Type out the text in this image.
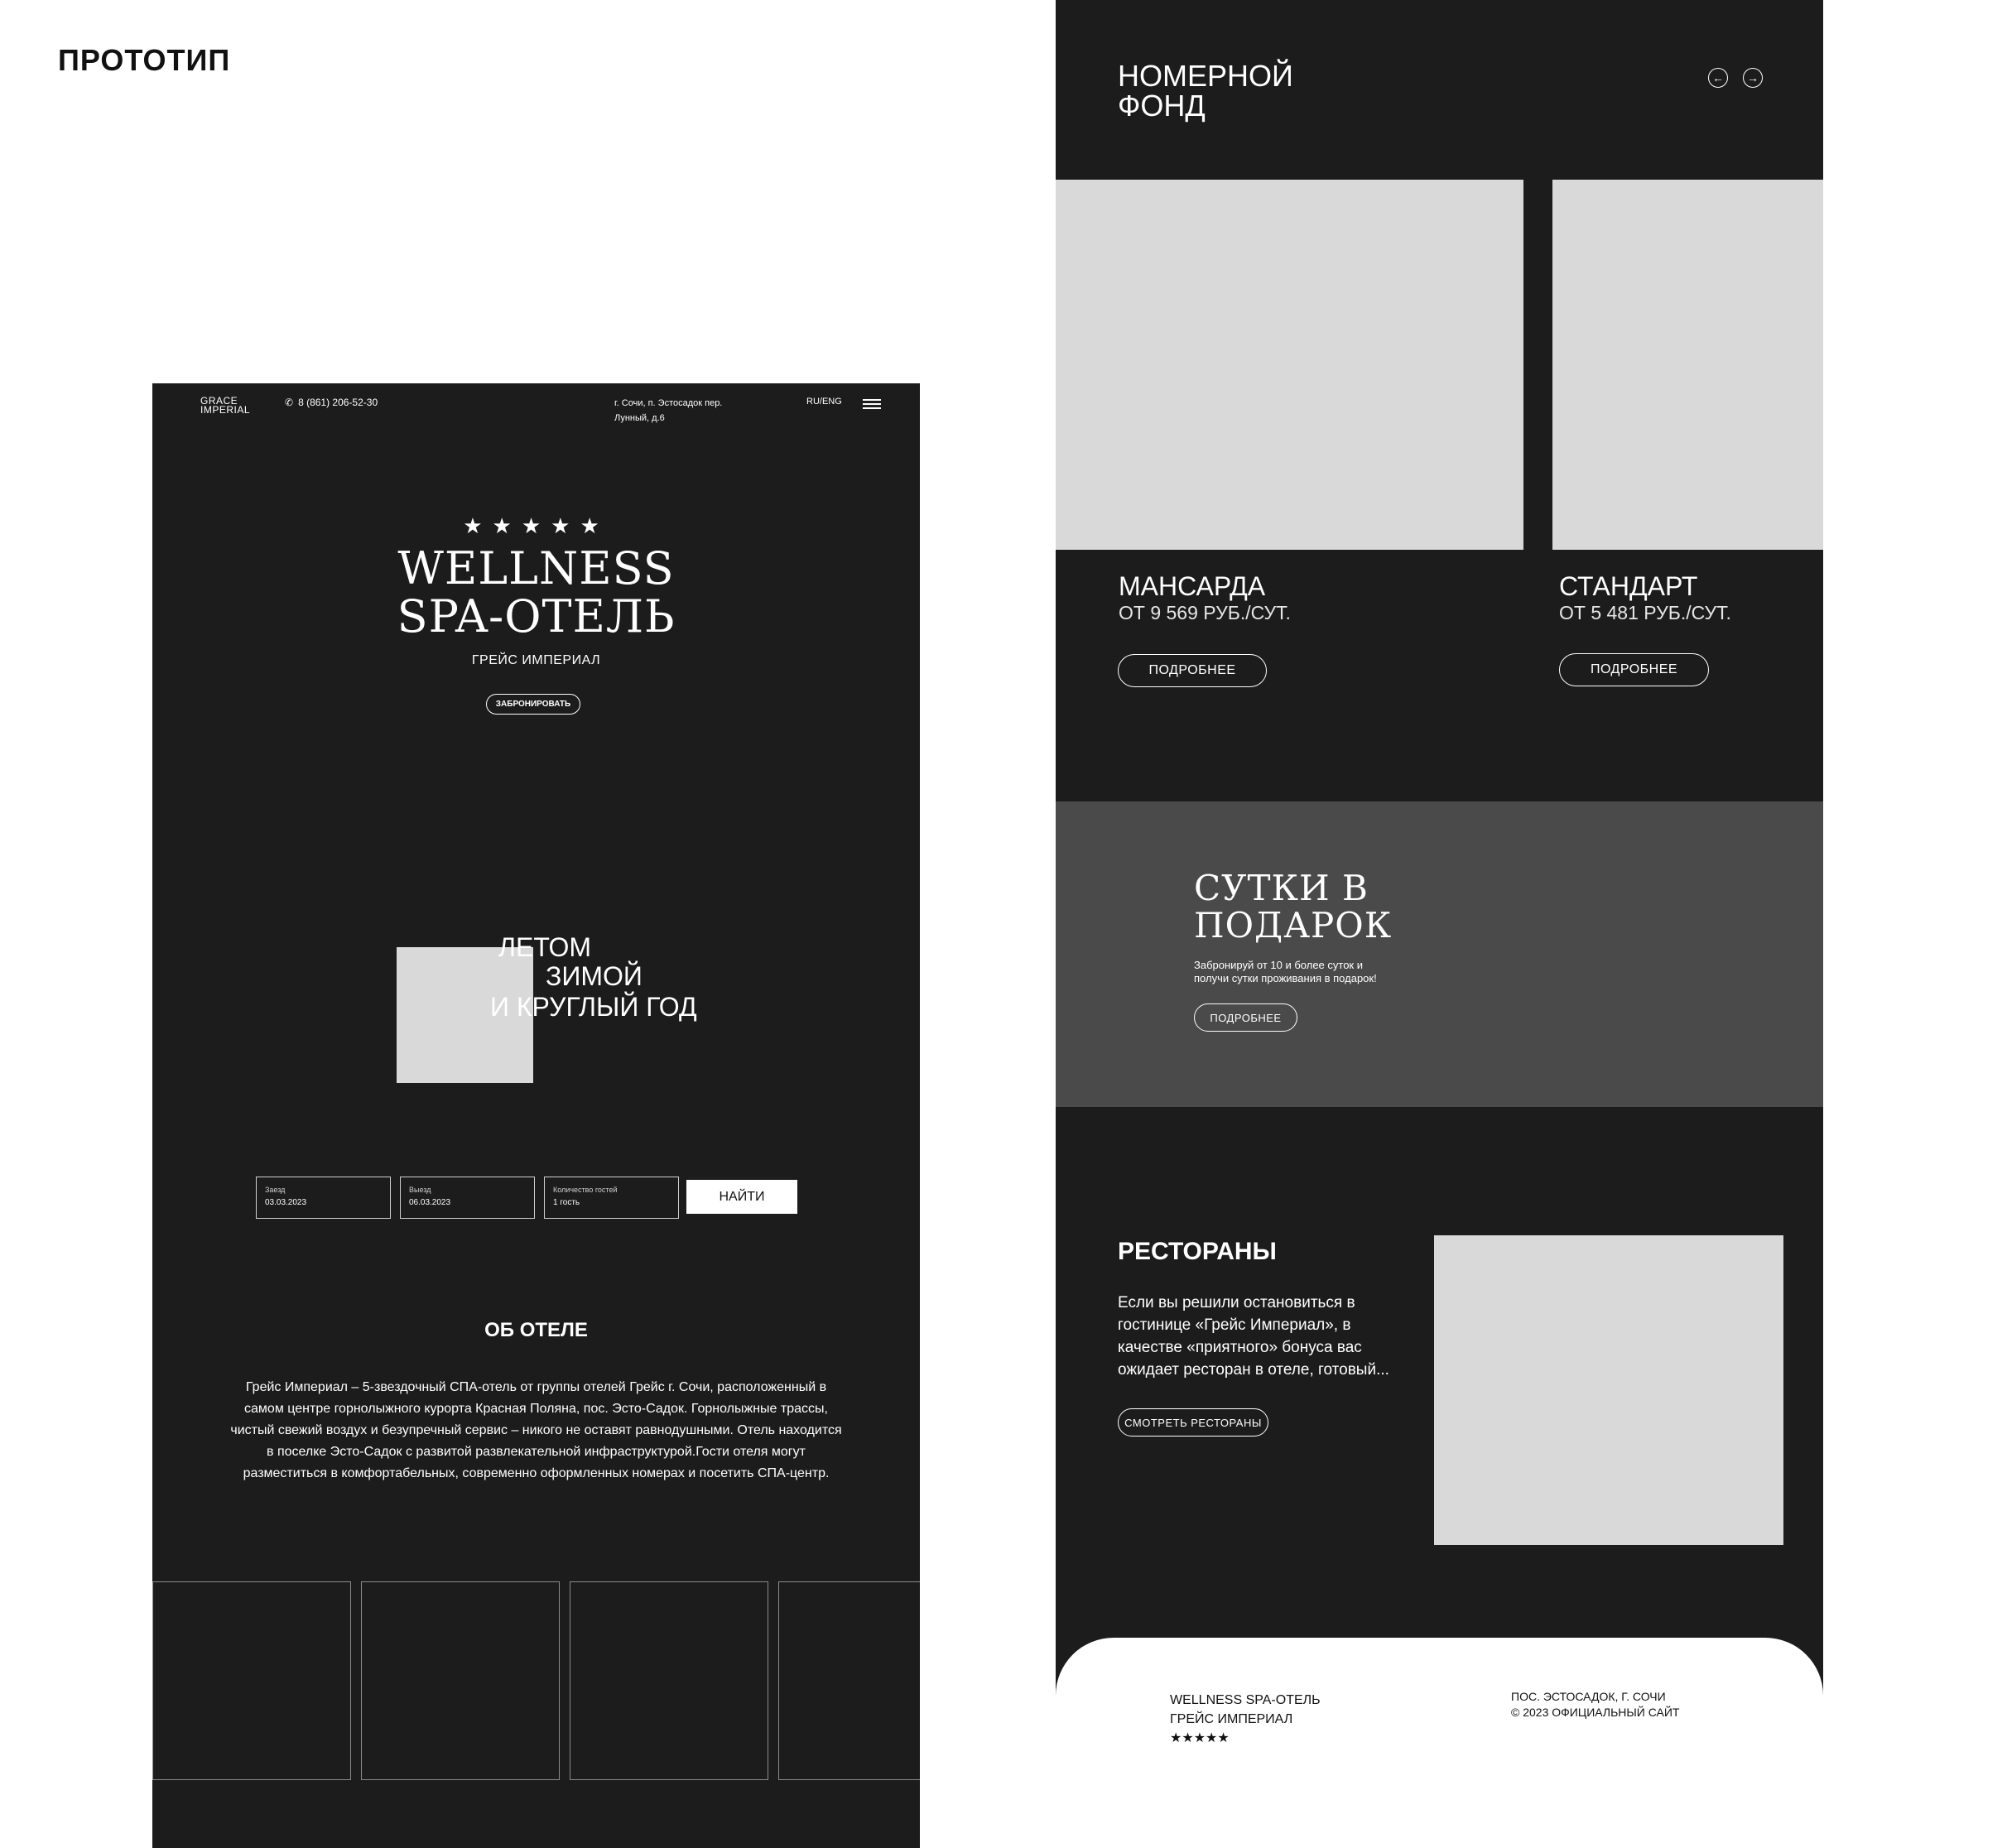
ПРОТОТИП
GRACE
IMPERIAL
✆ 8 (861) 206-52-30	г. Сочи, п. Эстосадок пер.
Лунный, д.6
RU/ENG
★★★★★
WELLNESS
SPA-ОТЕЛЬ
ГРЕЙС ИМПЕРИАЛ
ЗАБРОНИРОВАТЬ
ЛЕТОМ
ЗИМОЙ
И КРУГЛЫЙ ГОД
Заезд
03.03.2023
Выезд
06.03.2023
Количество гостей
1 гость	НАЙТИ
ОБ ОТЕЛЕ
Грейс Империал – 5-звездочный СПА-отель от группы отелей Грейс г. Сочи, расположенный в самом центре горнолыжного курорта Красная Поляна, пос. Эсто-Садок. Горнолыжные трассы, чистый свежий воздух и безупречный сервис – никого не оставят равнодушными. Отель находится в поселке Эсто-Садок с развитой развлекательной инфраструктурой.Гости отеля могут разместиться в комфортабельных, современно оформленных номерах и посетить СПА-центр.
НОМЕРНОЙ
ФОНД
←	→
МАНСАРДА
ОТ 9 569 РУБ./СУТ.
ПОДРОБНЕЕ
СТАНДАРТ
ОТ 5 481 РУБ./СУТ.
ПОДРОБНЕЕ
СУТКИ В
ПОДАРОК
Забронируй от 10 и более суток и
получи сутки проживания в подарок!
ПОДРОБНЕЕ
РЕСТОРАНЫ
Если вы решили остановиться в гостинице «Грейс Империал», в качестве «приятного» бонуса вас ожидает ресторан в отеле, готовый...
СМОТРЕТЬ РЕСТОРАНЫ
WELLNESS SPA-ОТЕЛЬ
ГРЕЙС ИМПЕРИАЛ
★★★★★
ПОС. ЭСТОСАДОК, Г. СОЧИ
© 2023 ОФИЦИАЛЬНЫЙ САЙТ
